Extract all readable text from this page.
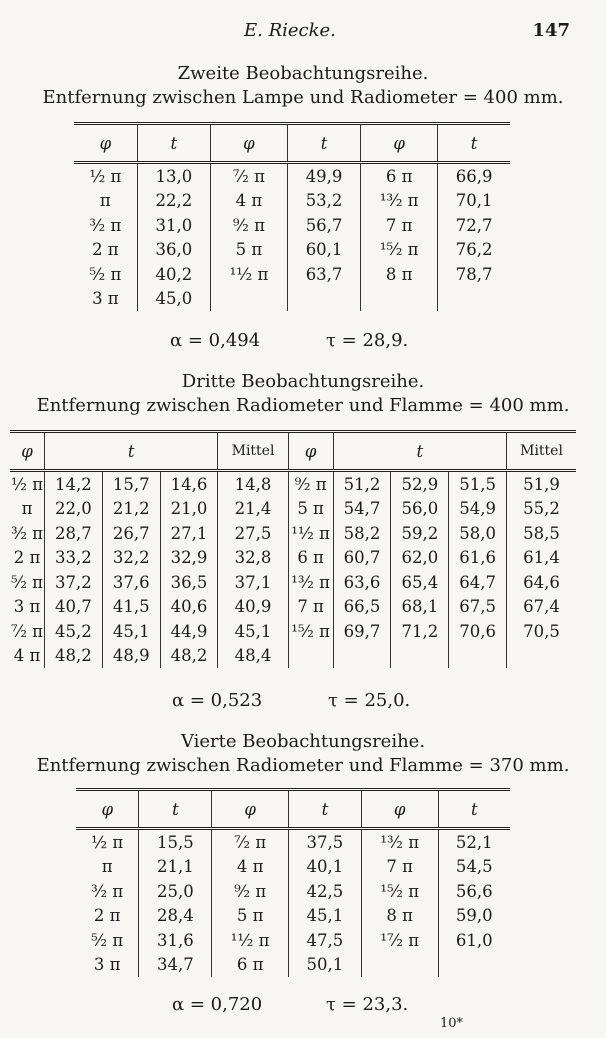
E. Riecke.	147
Zweite Beobachtungsreihe.
Entfernung zwischen Lampe und Radiometer = 400 mm.
φ	t	φ	t	φ	t
½ π	13,0	⁷⁄₂ π	49,9	6 π	66,9
π	22,2	4 π	53,2	¹³⁄₂ π	70,1
³⁄₂ π	31,0	⁹⁄₂ π	56,7	7 π	72,7
2 π	36,0	5 π	60,1	¹⁵⁄₂ π	76,2
⁵⁄₂ π	40,2	¹¹⁄₂ π	63,7	8 π	78,7
3 π	45,0				
α = 0,494	τ = 28,9.
Dritte Beobachtungsreihe.
Entfernung zwischen Radiometer und Flamme = 400 mm.
φ	t			Mittel	φ	t			Mittel
½ π	14,2	15,7	14,6	14,8	⁹⁄₂ π	51,2	52,9	51,5	51,9
π	22,0	21,2	21,0	21,4	5 π	54,7	56,0	54,9	55,2
³⁄₂ π	28,7	26,7	27,1	27,5	¹¹⁄₂ π	58,2	59,2	58,0	58,5
2 π	33,2	32,2	32,9	32,8	6 π	60,7	62,0	61,6	61,4
⁵⁄₂ π	37,2	37,6	36,5	37,1	¹³⁄₂ π	63,6	65,4	64,7	64,6
3 π	40,7	41,5	40,6	40,9	7 π	66,5	68,1	67,5	67,4
⁷⁄₂ π	45,2	45,1	44,9	45,1	¹⁵⁄₂ π	69,7	71,2	70,6	70,5
4 π	48,2	48,9	48,2	48,4					
α = 0,523	τ = 25,0.
Vierte Beobachtungsreihe.
Entfernung zwischen Radiometer und Flamme = 370 mm.
φ	t	φ	t	φ	t
½ π	15,5	⁷⁄₂ π	37,5	¹³⁄₂ π	52,1
π	21,1	4 π	40,1	7 π	54,5
³⁄₂ π	25,0	⁹⁄₂ π	42,5	¹⁵⁄₂ π	56,6
2 π	28,4	5 π	45,1	8 π	59,0
⁵⁄₂ π	31,6	¹¹⁄₂ π	47,5	¹⁷⁄₂ π	61,0
3 π	34,7	6 π	50,1		
α = 0,720	τ = 23,3.
10*
